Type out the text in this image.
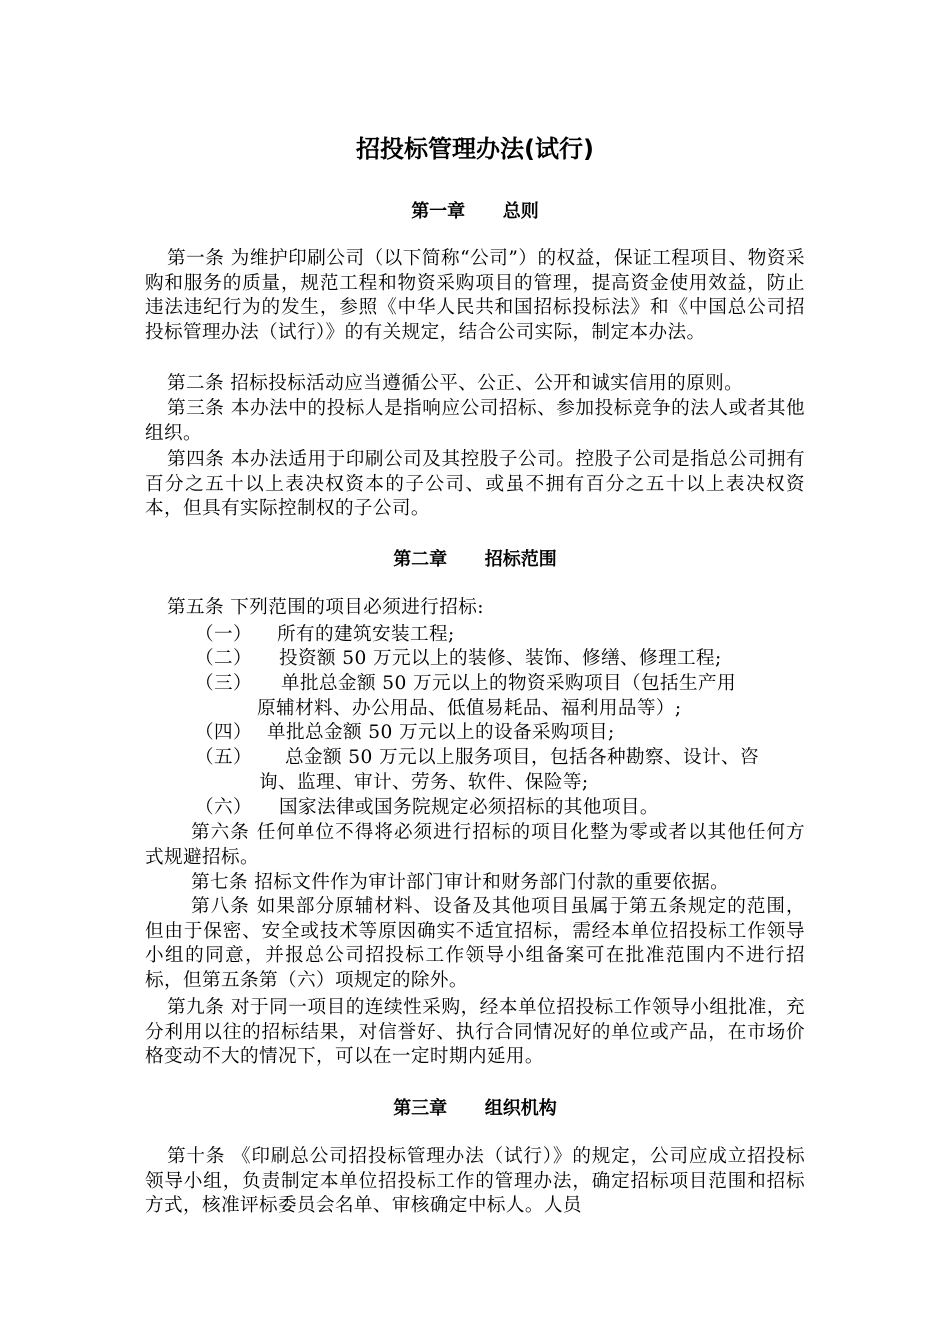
招投标管理办法(试行)
第一章      总则
第一条 为维护印刷公司（以下简称“公司”）的权益，保证工程项目、物资采购和服务的质量，规范工程和物资采购项目的管理，提高资金使用效益，防止违法违纪行为的发生，参照《中华人民共和国招标投标法》和《中国总公司招投标管理办法（试行）》的有关规定，结合公司实际，制定本办法。
第二条 招标投标活动应当遵循公平、公正、公开和诚实信用的原则。
第三条 本办法中的投标人是指响应公司招标、参加投标竞争的法人或者其他组织。
第四条 本办法适用于印刷公司及其控股子公司。控股子公司是指总公司拥有百分之五十以上表决权资本的子公司、或虽不拥有百分之五十以上表决权资本，但具有实际控制权的子公司。
第二章      招标范围
第五条 下列范围的项目必须进行招标:
（一） 所有的建筑安装工程;
（二） 投资额 50 万元以上的装修、装饰、修缮、修理工程;
（三） 单批总金额 50 万元以上的物资采购项目（包括生产用
原辅材料、办公用品、低值易耗品、福利用品等）;
（四） 单批总金额 50 万元以上的设备采购项目;
（五） 总金额 50 万元以上服务项目，包括各种勘察、设计、咨
询、监理、审计、劳务、软件、保险等;
（六） 国家法律或国务院规定必须招标的其他项目。
第六条 任何单位不得将必须进行招标的项目化整为零或者以其他任何方式规避招标。
第七条 招标文件作为审计部门审计和财务部门付款的重要依据。
第八条 如果部分原辅材料、设备及其他项目虽属于第五条规定的范围，但由于保密、安全或技术等原因确实不适宜招标，需经本单位招投标工作领导小组的同意，并报总公司招投标工作领导小组备案可在批准范围内不进行招标，但第五条第（六）项规定的除外。
第九条 对于同一项目的连续性采购，经本单位招投标工作领导小组批准，充分利用以往的招标结果，对信誉好、执行合同情况好的单位或产品，在市场价格变动不大的情况下，可以在一定时期内延用。
第三章      组织机构
第十条 《印刷总公司招投标管理办法（试行）》的规定，公司应成立招投标领导小组，负责制定本单位招投标工作的管理办法，确定招标项目范围和招标方式，核准评标委员会名单、审核确定中标人。人员
